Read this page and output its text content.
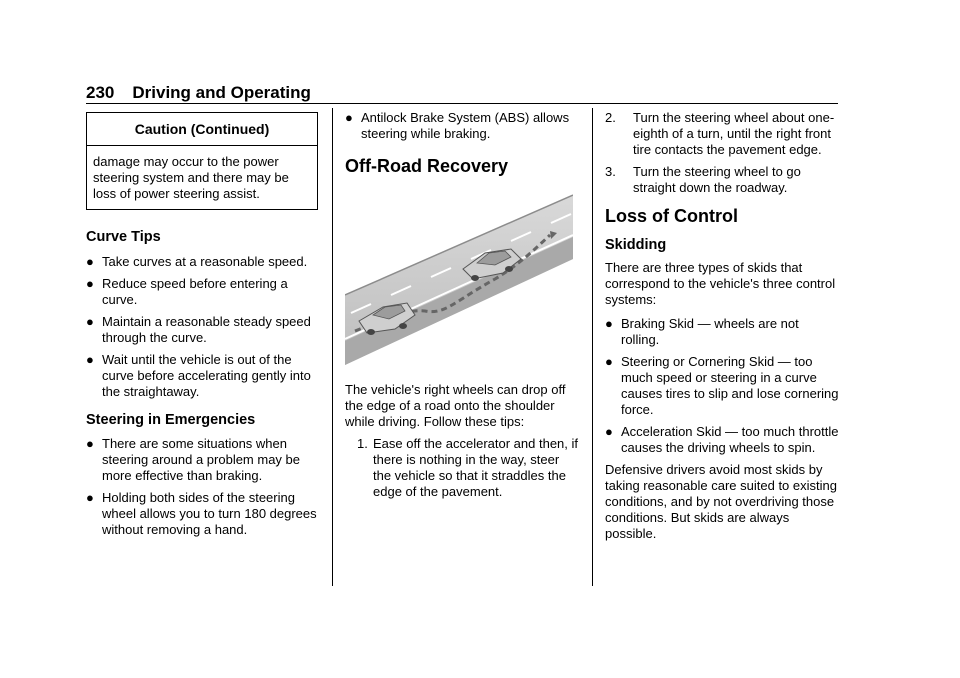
230 Driving and Operating
Caution (Continued)
damage may occur to the power steering system and there may be loss of power steering assist.
Curve Tips
● Take curves at a reasonable speed.
● Reduce speed before entering a curve.
● Maintain a reasonable steady speed through the curve.
● Wait until the vehicle is out of the curve before accelerating gently into the straightaway.
Steering in Emergencies
● There are some situations when steering around a problem may be more effective than braking.
● Holding both sides of the steering wheel allows you to turn 180 degrees without removing a hand.
● Antilock Brake System (ABS) allows steering while braking.
Off-Road Recovery

The vehicle's right wheels can drop off the edge of a road onto the shoulder while driving. Follow these tips:

1. Ease off the accelerator and then, if there is nothing in the way, steer the vehicle so that it straddles the edge of the pavement.
2. Turn the steering wheel about one-eighth of a turn, until the right front tire contacts the pavement edge.
3. Turn the steering wheel to go straight down the roadway.
Loss of Control
Skidding

There are three types of skids that correspond to the vehicle's three control systems:

● Braking Skid — wheels are not rolling.
● Steering or Cornering Skid — too much speed or steering in a curve causes tires to slip and lose cornering force.
● Acceleration Skid — too much throttle causes the driving wheels to spin.

Defensive drivers avoid most skids by taking reasonable care suited to existing conditions, and by not overdriving those conditions. But skids are always possible.
